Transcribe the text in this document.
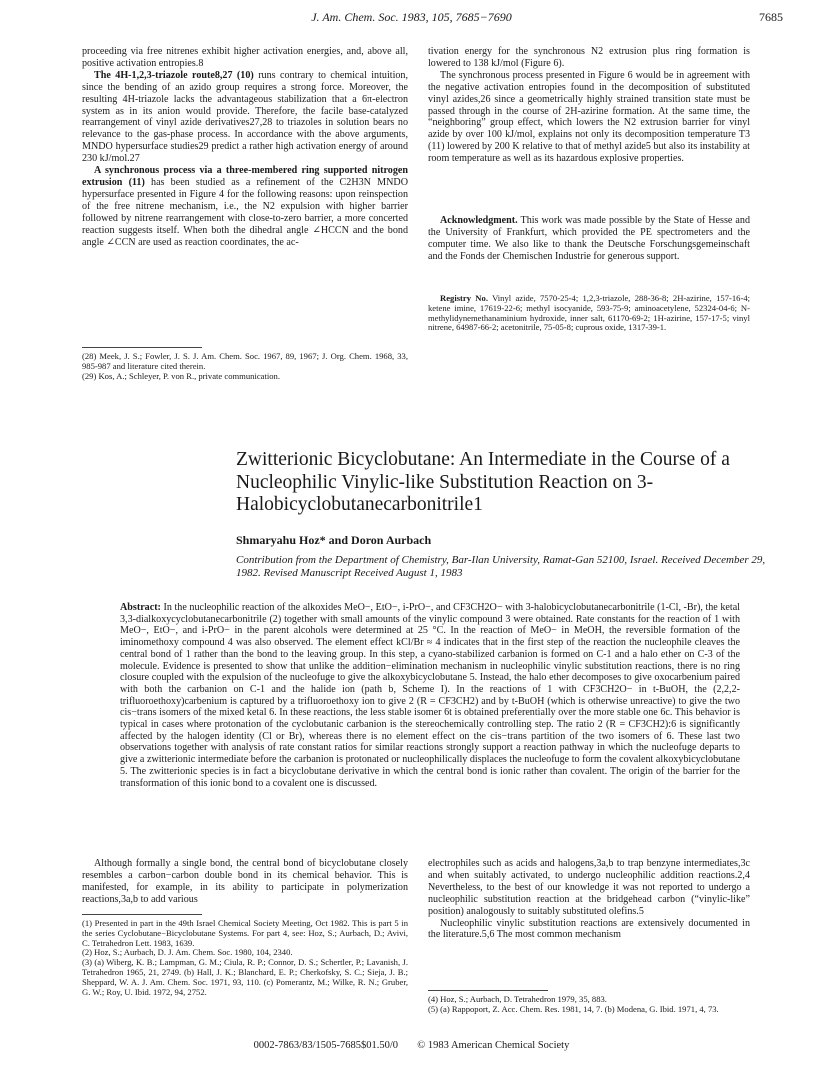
J. Am. Chem. Soc. 1983, 105, 7685−7690	7685

proceeding via free nitrenes exhibit higher activation energies, and, above all, positive activation entropies.8

The 4H-1,2,3-triazole route8,27 (10) runs contrary to chemical intuition, since the bending of an azido group requires a strong force. Moreover, the resulting 4H-triazole lacks the advantageous stabilization that a 6π-electron system as in its anion would provide. Therefore, the facile base-catalyzed rearrangement of vinyl azide derivatives27,28 to triazoles in solution bears no relevance to the gas-phase process. In accordance with the above arguments, MNDO hypersurface studies29 predict a rather high activation energy of around 230 kJ/mol.27

A synchronous process via a three-membered ring supported nitrogen extrusion (11) has been studied as a refinement of the C2H3N MNDO hypersurface presented in Figure 4 for the following reasons: upon reinspection of the free nitrene mechanism, i.e., the N2 expulsion with higher barrier followed by nitrene rearrangement with close-to-zero barrier, a more concerted reaction suggests itself. When both the dihedral angle ∠HCCN and the bond angle ∠CCN are used as reaction coordinates, the ac-

(28) Meek, J. S.; Fowler, J. S. J. Am. Chem. Soc. 1967, 89, 1967; J. Org. Chem. 1968, 33, 985-987 and literature cited therein.

(29) Kos, A.; Schleyer, P. von R., private communication.

tivation energy for the synchronous N2 extrusion plus ring formation is lowered to 138 kJ/mol (Figure 6).

The synchronous process presented in Figure 6 would be in agreement with the negative activation entropies found in the decomposition of substituted vinyl azides,26 since a geometrically highly strained transition state must be passed through in the course of 2H-azirine formation. At the same time, the “neighboring” group effect, which lowers the N2 extrusion barrier for vinyl azide by over 100 kJ/mol, explains not only its decomposition temperature T3 (11) lowered by 200 K relative to that of methyl azide5 but also its instability at room temperature as well as its hazardous explosive properties.

Acknowledgment. This work was made possible by the State of Hesse and the University of Frankfurt, which provided the PE spectrometers and the computer time. We also like to thank the Deutsche Forschungsgemeinschaft and the Fonds der Chemischen Industrie for generous support.

Registry No. Vinyl azide, 7570-25-4; 1,2,3-triazole, 288-36-8; 2H-azirine, 157-16-4; ketene imine, 17619-22-6; methyl isocyanide, 593-75-9; aminoacetylene, 52324-04-6; N-methylidynemethanaminium hydroxide, inner salt, 61170-69-2; 1H-azirine, 157-17-5; vinyl nitrene, 64987-66-2; acetonitrile, 75-05-8; cuprous oxide, 1317-39-1.

Zwitterionic Bicyclobutane: An Intermediate in the Course of a Nucleophilic Vinylic-like Substitution Reaction on 3-Halobicyclobutanecarbonitrile1
Shmaryahu Hoz* and Doron Aurbach
Contribution from the Department of Chemistry, Bar-Ilan University, Ramat-Gan 52100, Israel. Received December 29, 1982. Revised Manuscript Received August 1, 1983
Abstract: In the nucleophilic reaction of the alkoxides MeO−, EtO−, i-PrO−, and CF3CH2O− with 3-halobicyclobutanecarbonitrile (1-Cl, -Br), the ketal 3,3-dialkoxycyclobutanecarbonitrile (2) together with small amounts of the vinylic compound 3 were obtained. Rate constants for the reaction of 1 with MeO−, EtO−, and i-PrO− in the parent alcohols were determined at 25 °C. In the reaction of MeO− in MeOH, the reversible formation of the iminomethoxy compound 4 was also observed. The element effect kCl/Br ≈ 4 indicates that in the first step of the reaction the nucleophile cleaves the central bond of 1 rather than the bond to the leaving group. In this step, a cyano-stabilized carbanion is formed on C-1 and a halo ether on C-3 of the molecule. Evidence is presented to show that unlike the addition−elimination mechanism in nucleophilic vinylic substitution reactions, there is no ring closure coupled with the expulsion of the nucleofuge to give the alkoxybicyclobutane 5. Instead, the halo ether decomposes to give oxocarbenium paired with both the carbanion on C-1 and the halide ion (path b, Scheme I). In the reactions of 1 with CF3CH2O− in t-BuOH, the (2,2,2-trifluoroethoxy)carbenium is captured by a trifluoroethoxy ion to give 2 (R = CF3CH2) and by t-BuOH (which is otherwise unreactive) to give the two cis−trans isomers of the mixed ketal 6. In these reactions, the less stable isomer 6t is obtained preferentially over the more stable one 6c. This behavior is typical in cases where protonation of the cyclobutanic carbanion is the stereochemically controlling step. The ratio 2 (R = CF3CH2):6 is significantly affected by the halogen identity (Cl or Br), whereas there is no element effect on the cis−trans partition of the two isomers of 6. These last two observations together with analysis of rate constant ratios for similar reactions strongly support a reaction pathway in which the nucleofuge departs to give a zwitterionic intermediate before the carbanion is protonated or nucleophilically displaces the nucleofuge to form the covalent alkoxybicyclobutane 5. The zwitterionic species is in fact a bicyclobutane derivative in which the central bond is ionic rather than covalent. The origin of the barrier for the transformation of this ionic bond to a covalent one is discussed.

Although formally a single bond, the central bond of bicyclobutane closely resembles a carbon−carbon double bond in its chemical behavior. This is manifested, for example, in its ability to participate in polymerization reactions,3a,b to add various

(1) Presented in part in the 49th Israel Chemical Society Meeting, Oct 1982. This is part 5 in the series Cyclobutane−Bicyclobutane Systems. For part 4, see: Hoz, S.; Aurbach, D.; Avivi, C. Tetrahedron Lett. 1983, 1639.

(2) Hoz, S.; Aurbach, D. J. Am. Chem. Soc. 1980, 104, 2340.

(3) (a) Wiberg, K. B.; Lampman, G. M.; Ciula, R. P.; Connor, D. S.; Schertler, P.; Lavanish, J. Tetrahedron 1965, 21, 2749. (b) Hall, J. K.; Blanchard, E. P.; Cherkofsky, S. C.; Sieja, J. B.; Sheppard, W. A. J. Am. Chem. Soc. 1971, 93, 110. (c) Pomerantz, M.; Wilke, R. N.; Gruber, G. W.; Roy, U. Ibid. 1972, 94, 2752.

electrophiles such as acids and halogens,3a,b to trap benzyne intermediates,3c and when suitably activated, to undergo nucleophilic addition reactions.2,4 Nevertheless, to the best of our knowledge it was not reported to undergo a nucleophilic substitution reaction at the bridgehead carbon (“vinylic-like” position) analogously to suitably substituted olefins.5

Nucleophilic vinylic substitution reactions are extensively documented in the literature.5,6 The most common mechanism

(4) Hoz, S.; Aurbach, D. Tetrahedron 1979, 35, 883.

(5) (a) Rappoport, Z. Acc. Chem. Res. 1981, 14, 7. (b) Modena, G. Ibid. 1971, 4, 73.

0002-7863/83/1505-7685$01.50/0 © 1983 American Chemical Society
